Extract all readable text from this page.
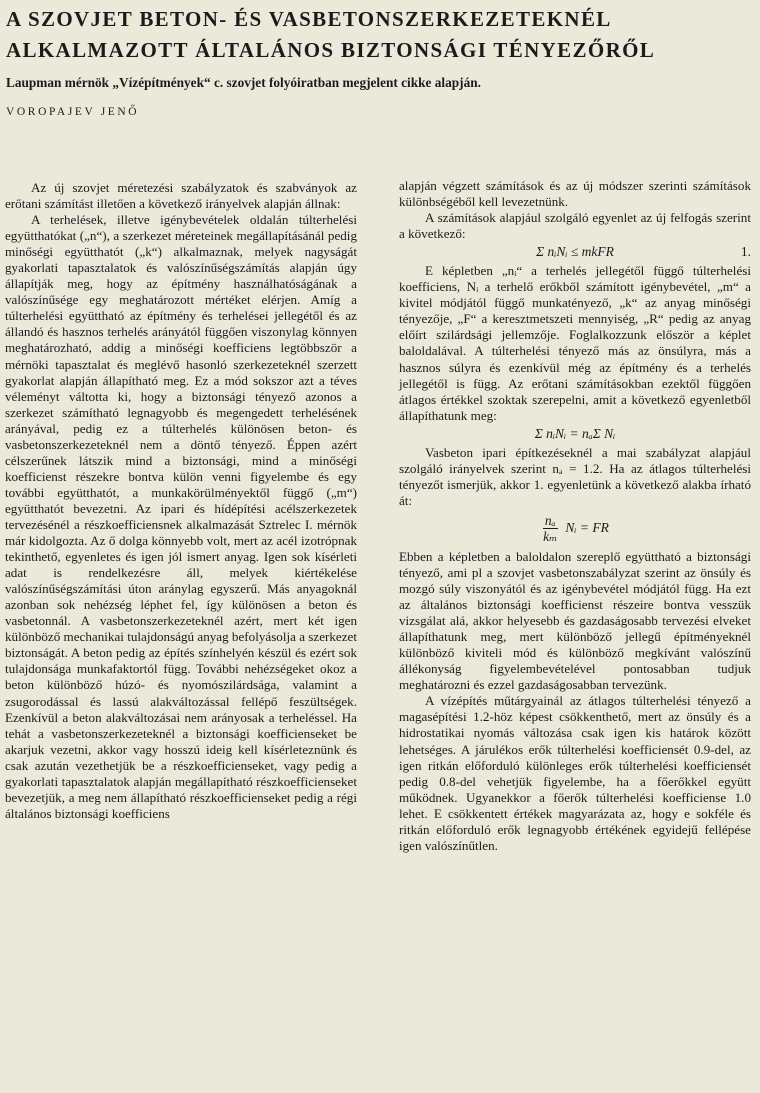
A SZOVJET BETON- ÉS VASBETONSZERKEZETEKNÉL ALKALMAZOTT ÁLTALÁNOS BIZTONSÁGI TÉNYEZŐRŐL

Laupman mérnök „Vízépítmények“ c. szovjet folyóiratban megjelent cikke alapján.

VOROPAJEV JENŐ

Az új szovjet méretezési szabályzatok és szabványok az erőtani számítást illetően a következő irányelvek alapján állnak:

A terhelések, illetve igénybevételek oldalán túlterhelési együtthatókat („n“), a szerkezet méreteinek megállapításánál pedig minőségi együtthatót („k“) alkalmaznak, melyek nagyságát gyakorlati tapasztalatok és valószínűségszámítás alapján úgy állapítják meg, hogy az építmény használhatóságának a valószínűsége egy meghatározott mértéket elérjen. Amíg a túlterhelési együttható az építmény és terhelései jellegétől és az állandó és hasznos terhelés arányától függően viszonylag könnyen meghatározható, addig a minőségi koefficiens legtöbbször a mérnöki tapasztalat és meglévő hasonló szerkezeteknél szerzett gyakorlat alapján állapítható meg. Ez a mód sokszor azt a téves véleményt váltotta ki, hogy a biztonsági tényező azonos a szerkezet számítható legnagyobb és megengedett terhelésének arányával, pedig ez a túlterhelés különösen beton- és vasbetonszerkezeteknél nem a döntő tényező. Éppen azért célszerűnek látszik mind a biztonsági, mind a minőségi koefficienst részekre bontva külön venni figyelembe és egy további együtthatót, a munkakörülményektől függő („m“) együtthatót bevezetni. Az ipari és hídépítési acélszerkezetek tervezésénél a részkoefficiensnek alkalmazását Sztrelec I. mérnök már kidolgozta. Az ő dolga könnyebb volt, mert az acél izotrópnak tekinthető, egyenletes és igen jól ismert anyag. Igen sok kísérleti adat is rendelkezésre áll, melyek kiértékelése valószínűségszámítási úton aránylag egyszerű. Más anyagoknál azonban sok nehézség léphet fel, így különösen a beton és vasbetonnál. A vasbetonszerkezeteknél azért, mert két igen különböző mechanikai tulajdonságú anyag befolyásolja a szerkezet biztonságát. A beton pedig az építés színhelyén készül és ezért sok tulajdonsága munkafaktortól függ. További nehézségeket okoz a beton különböző húzó- és nyomószilárdsága, valamint a zsugorodással és lassú alakváltozással fellépő feszültségek. Ezenkívül a beton alakváltozásai nem arányosak a terheléssel. Ha tehát a vasbetonszerkezeteknél a biztonsági koefficienseket be akarjuk vezetni, akkor vagy hosszú ideig kell kísérleteznünk és csak azután vezethetjük be a részkoefficienseket, vagy pedig a gyakorlati tapasztalatok alapján megállapítható részkoefficienseket bevezetjük, a meg nem állapítható részkoefficienseket pedig a régi általános biztonsági koefficiens

alapján végzett számítások és az új módszer szerinti számítások különbségéből kell levezetnünk.

A számítások alapjául szolgáló egyenlet az új felfogás szerint a következő:

Σ nᵢNᵢ ≤ mkFR	1.

E képletben „nᵢ“ a terhelés jellegétől függő túlterhelési koefficiens, Nᵢ a terhelő erőkből számított igénybevétel, „m“ a kivitel módjától függő munkatényező, „k“ az anyag minőségi tényezője, „F“ a keresztmetszeti mennyiség, „R“ pedig az anyag előírt szilárdsági jellemzője. Foglalkozzunk először a képlet baloldalával. A túlterhelési tényező más az önsúlyra, más a hasznos súlyra és ezenkívül még az építmény és a terhelés jellegétől is függ. Az erőtani számításokban ezektől függően átlagos értékkel szoktak szerepelni, amit a következő egyenletből állapíthatunk meg:

Σ nᵢNᵢ = nₐΣ Nᵢ

Vasbeton ipari építkezéseknél a mai szabályzat alapjául szolgáló irányelvek szerint nₐ = 1.2. Ha az átlagos túlterhelési tényezőt ismerjük, akkor 1. egyenletünk a következő alakba írható át:

$\frac{\text{nₐ}}{\text{kₘ}}$ Nᵢ = FR

Ebben a képletben a baloldalon szereplő együttható a biztonsági tényező, ami pl a szovjet vasbetonszabályzat szerint az önsúly és mozgó súly viszonyától és az igénybevétel módjától függ. Ha ezt az általános biztonsági koefficienst részeire bontva vesszük vizsgálat alá, akkor helyesebb és gazdaságosabb tervezési elveket állapíthatunk meg, mert különböző jellegű építményeknél különböző kiviteli mód és különböző megkívánt valószínű állékonyság figyelembevételével pontosabban tudjuk meghatározni és ezzel gazdaságosabban tervezünk.

A vízépítés műtárgyainál az átlagos túlterhelési tényező a magasépítési 1.2-höz képest csökkenthető, mert az önsúly és a hidrostatikai nyomás változása csak igen kis határok között lehetséges. A járulékos erők túlterhelési koefficiensét 0.9-del, az igen ritkán előforduló különleges erők túlterhelési koefficiensét pedig 0.8-del vehetjük figyelembe, ha a főerőkkel együtt működnek. Ugyanekkor a főerők túlterhelési koefficiense 1.0 lehet. E csökkentett értékek magyarázata az, hogy e sokféle és ritkán előforduló erők legnagyobb értékének egyidejű fellépése igen valószínűtlen.
